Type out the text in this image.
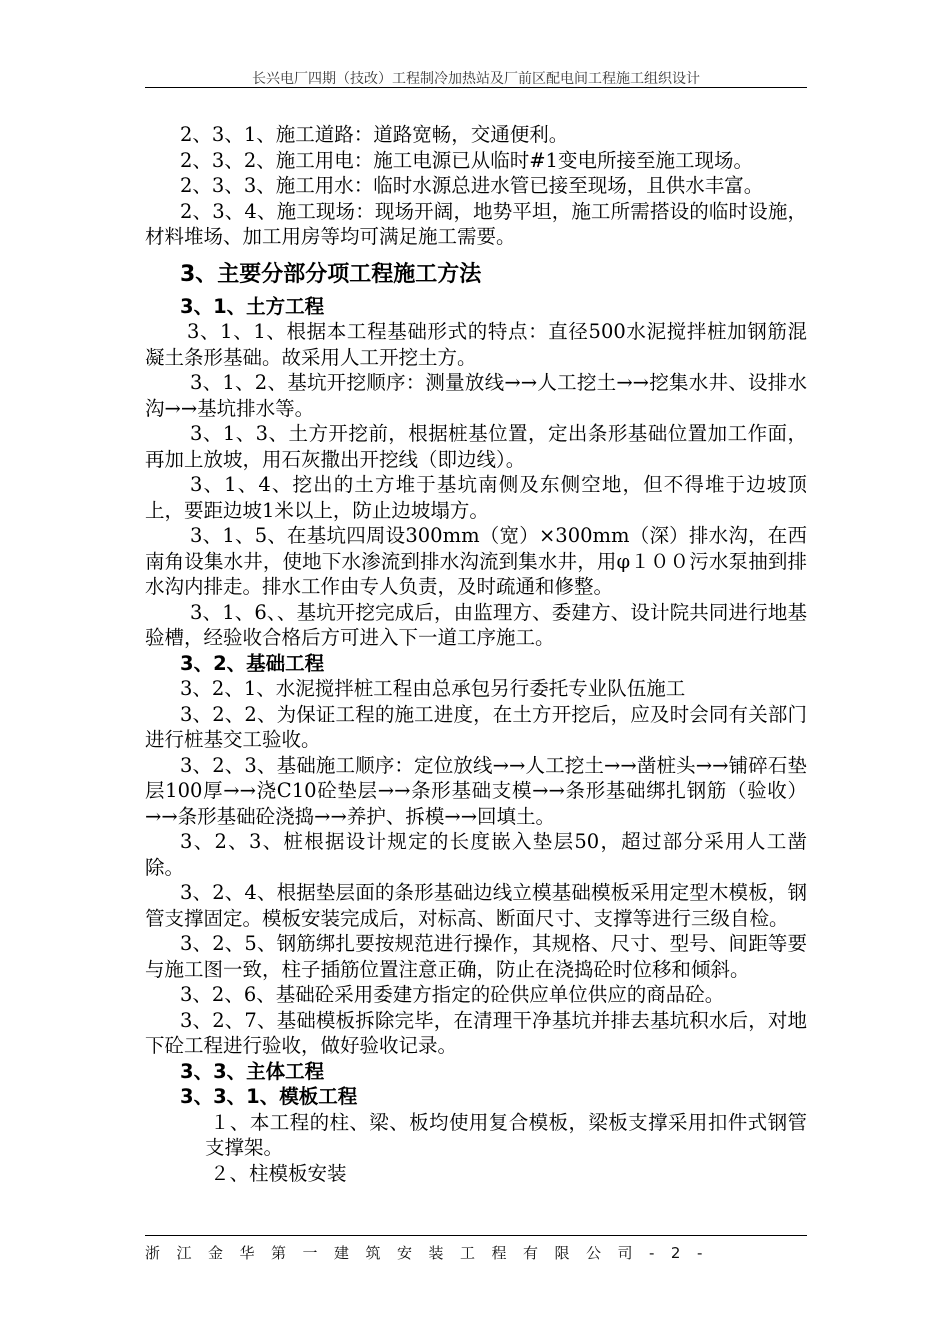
长兴电厂四期（技改）工程制冷加热站及厂前区配电间工程施工组织设计

2、3、1、施工道路：道路宽畅，交通便利。

2、3、2、施工用电：施工电源已从临时#1变电所接至施工现场。

2、3、3、施工用水：临时水源总进水管已接至现场，且供水丰富。

2、3、4、施工现场：现场开阔，地势平坦，施工所需搭设的临时设施，材料堆场、加工用房等均可满足施工需要。

3、主要分部分项工程施工方法
3、1、土方工程

3、1、1、根据本工程基础形式的特点：直径500水泥搅拌桩加钢筋混凝土条形基础。故采用人工开挖土方。

3、1、2、基坑开挖顺序：测量放线→→人工挖土→→挖集水井、设排水沟→→基坑排水等。

3、1、3、土方开挖前，根据桩基位置，定出条形基础位置加工作面，再加上放坡，用石灰撒出开挖线（即边线）。

3、1、4、挖出的土方堆于基坑南侧及东侧空地，但不得堆于边坡顶上，要距边坡1米以上，防止边坡塌方。

3、1、5、在基坑四周设300mm（宽）×300mm（深）排水沟，在西南角设集水井，使地下水渗流到排水沟流到集水井，用φ１００污水泵抽到排水沟内排走。排水工作由专人负责，及时疏通和修整。

3、1、6、、基坑开挖完成后，由监理方、委建方、设计院共同进行地基验槽，经验收合格后方可进入下一道工序施工。

3、2、基础工程

3、2、1、水泥搅拌桩工程由总承包另行委托专业队伍施工

3、2、2、为保证工程的施工进度，在土方开挖后，应及时会同有关部门进行桩基交工验收。

3、2、3、基础施工顺序：定位放线→→人工挖土→→凿桩头→→铺碎石垫层100厚→→浇C10砼垫层→→条形基础支模→→条形基础绑扎钢筋（验收）→→条形基础砼浇捣→→养护、拆模→→回填土。

3、2、3、桩根据设计规定的长度嵌入垫层50，超过部分采用人工凿除。

3、2、4、根据垫层面的条形基础边线立模基础模板采用定型木模板，钢管支撑固定。模板安装完成后，对标高、断面尺寸、支撑等进行三级自检。

3、2、5、钢筋绑扎要按规范进行操作，其规格、尺寸、型号、间距等要与施工图一致，柱子插筋位置注意正确，防止在浇捣砼时位移和倾斜。

3、2、6、基础砼采用委建方指定的砼供应单位供应的商品砼。

3、2、7、基础模板拆除完毕，在清理干净基坑并排去基坑积水后，对地下砼工程进行验收，做好验收记录。

3、3、主体工程
3、3、1、模板工程

１、本工程的柱、梁、板均使用复合模板，梁板支撑采用扣件式钢管支撑架。

２、柱模板安装

浙江金华第一建筑安装工程有限公司-2-
